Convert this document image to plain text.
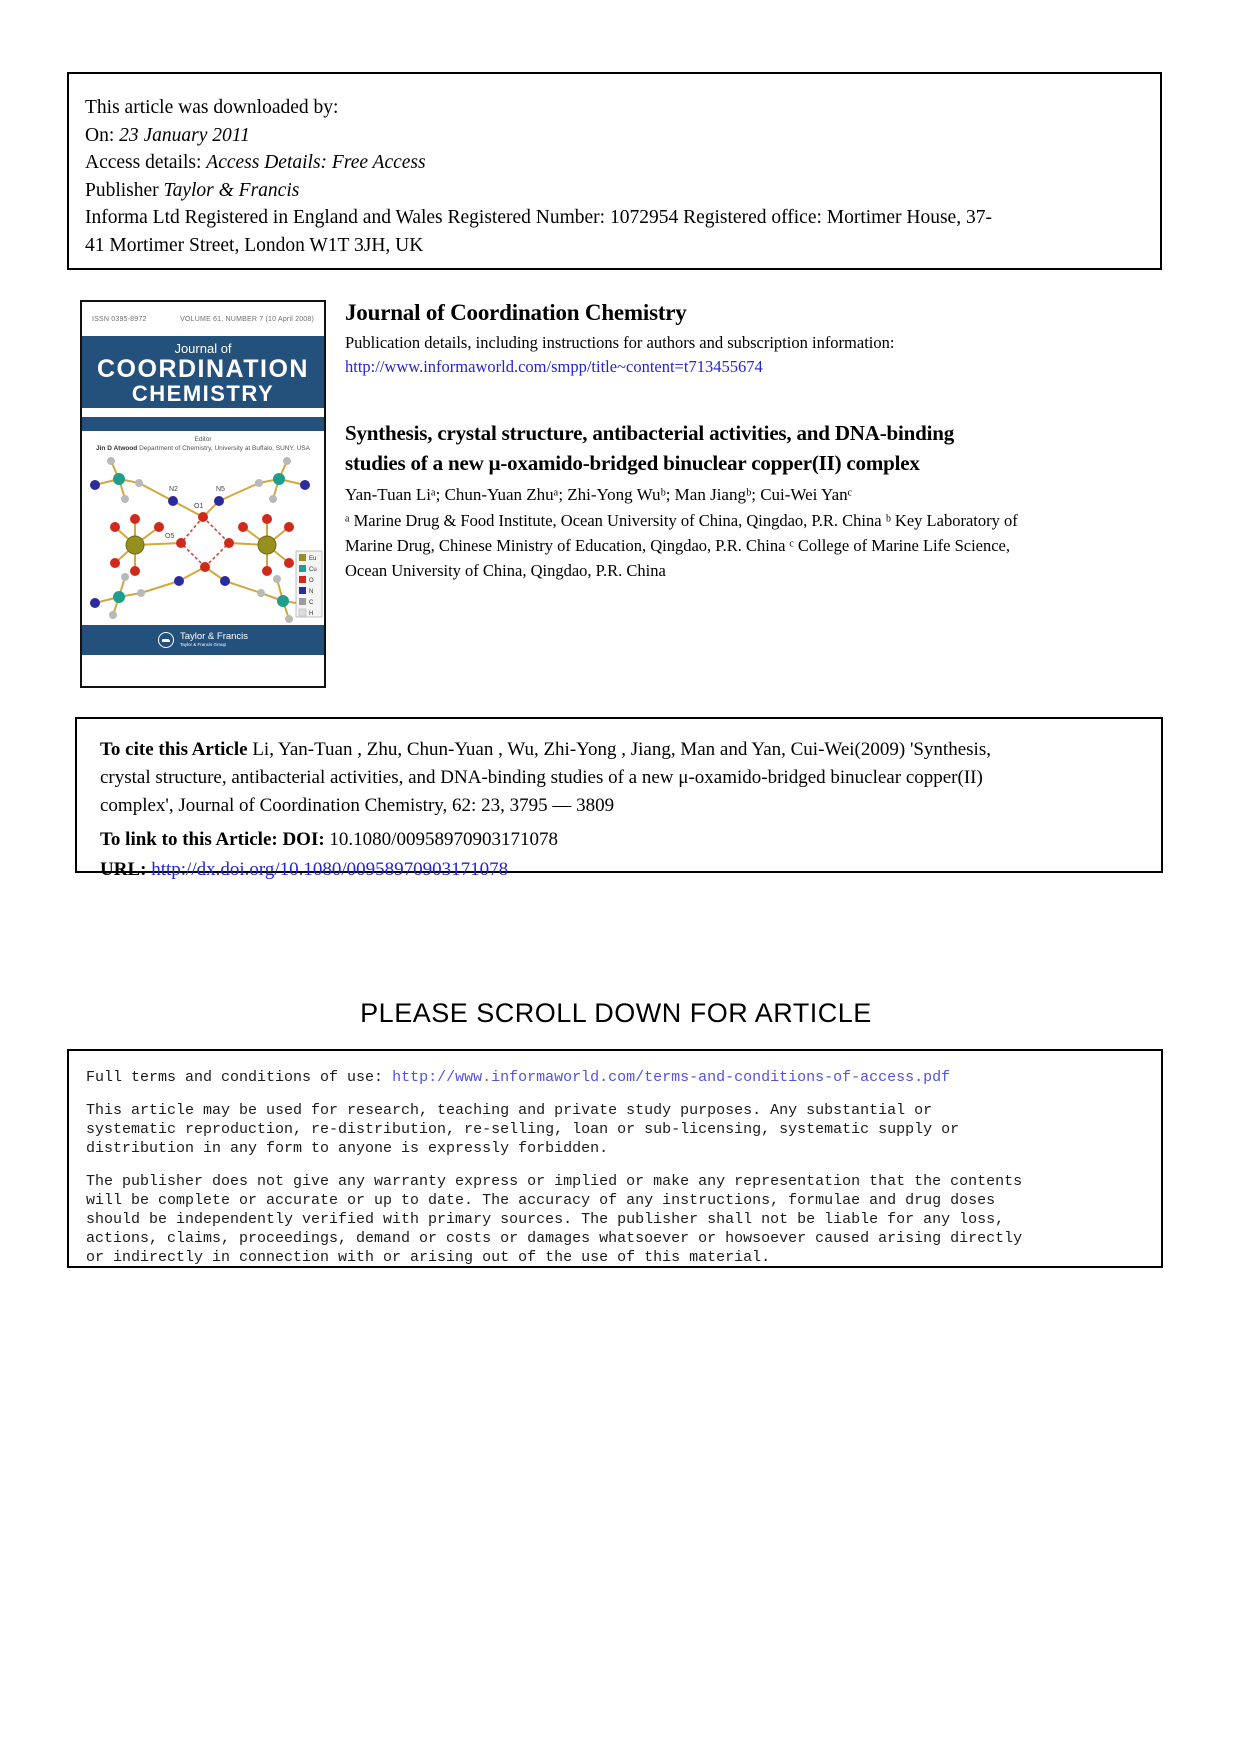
This article was downloaded by:
On: 23 January 2011
Access details: Access Details: Free Access
Publisher Taylor & Francis
Informa Ltd Registered in England and Wales Registered Number: 1072954 Registered office: Mortimer House, 37-
41 Mortimer Street, London W1T 3JH, UK
ISSN 0395-8972	VOLUME 61, NUMBER 7 (10 April 2008)
Journal of
COORDINATION
CHEMISTRY
Editor
Jin D Atwood Department of Chemistry, University at Buffalo, SUNY, USA
N2	N5
O1
O5
Eu
Cu
O
N
C
H
Taylor & Francis
Taylor & Francis Group
Journal of Coordination Chemistry
Publication details, including instructions for authors and subscription information:
http://www.informaworld.com/smpp/title~content=t713455674
Synthesis, crystal structure, antibacterial activities, and DNA-binding
studies of a new μ-oxamido-bridged binuclear copper(II) complex
Yan-Tuan Liᵃ; Chun-Yuan Zhuᵃ; Zhi-Yong Wuᵇ; Man Jiangᵇ; Cui-Wei Yanᶜ
ᵃ Marine Drug & Food Institute, Ocean University of China, Qingdao, P.R. China ᵇ Key Laboratory of
Marine Drug, Chinese Ministry of Education, Qingdao, P.R. China ᶜ College of Marine Life Science,
Ocean University of China, Qingdao, P.R. China
To cite this Article Li, Yan-Tuan , Zhu, Chun-Yuan , Wu, Zhi-Yong , Jiang, Man and Yan, Cui-Wei(2009) 'Synthesis,
crystal structure, antibacterial activities, and DNA-binding studies of a new μ-oxamido-bridged binuclear copper(II)
complex', Journal of Coordination Chemistry, 62: 23, 3795 — 3809
To link to this Article: DOI: 10.1080/00958970903171078
URL: http://dx.doi.org/10.1080/00958970903171078
PLEASE SCROLL DOWN FOR ARTICLE
Full terms and conditions of use: http://www.informaworld.com/terms-and-conditions-of-access.pdf
This article may be used for research, teaching and private study purposes. Any substantial or
systematic reproduction, re-distribution, re-selling, loan or sub-licensing, systematic supply or
distribution in any form to anyone is expressly forbidden.
The publisher does not give any warranty express or implied or make any representation that the contents
will be complete or accurate or up to date. The accuracy of any instructions, formulae and drug doses
should be independently verified with primary sources. The publisher shall not be liable for any loss,
actions, claims, proceedings, demand or costs or damages whatsoever or howsoever caused arising directly
or indirectly in connection with or arising out of the use of this material.
